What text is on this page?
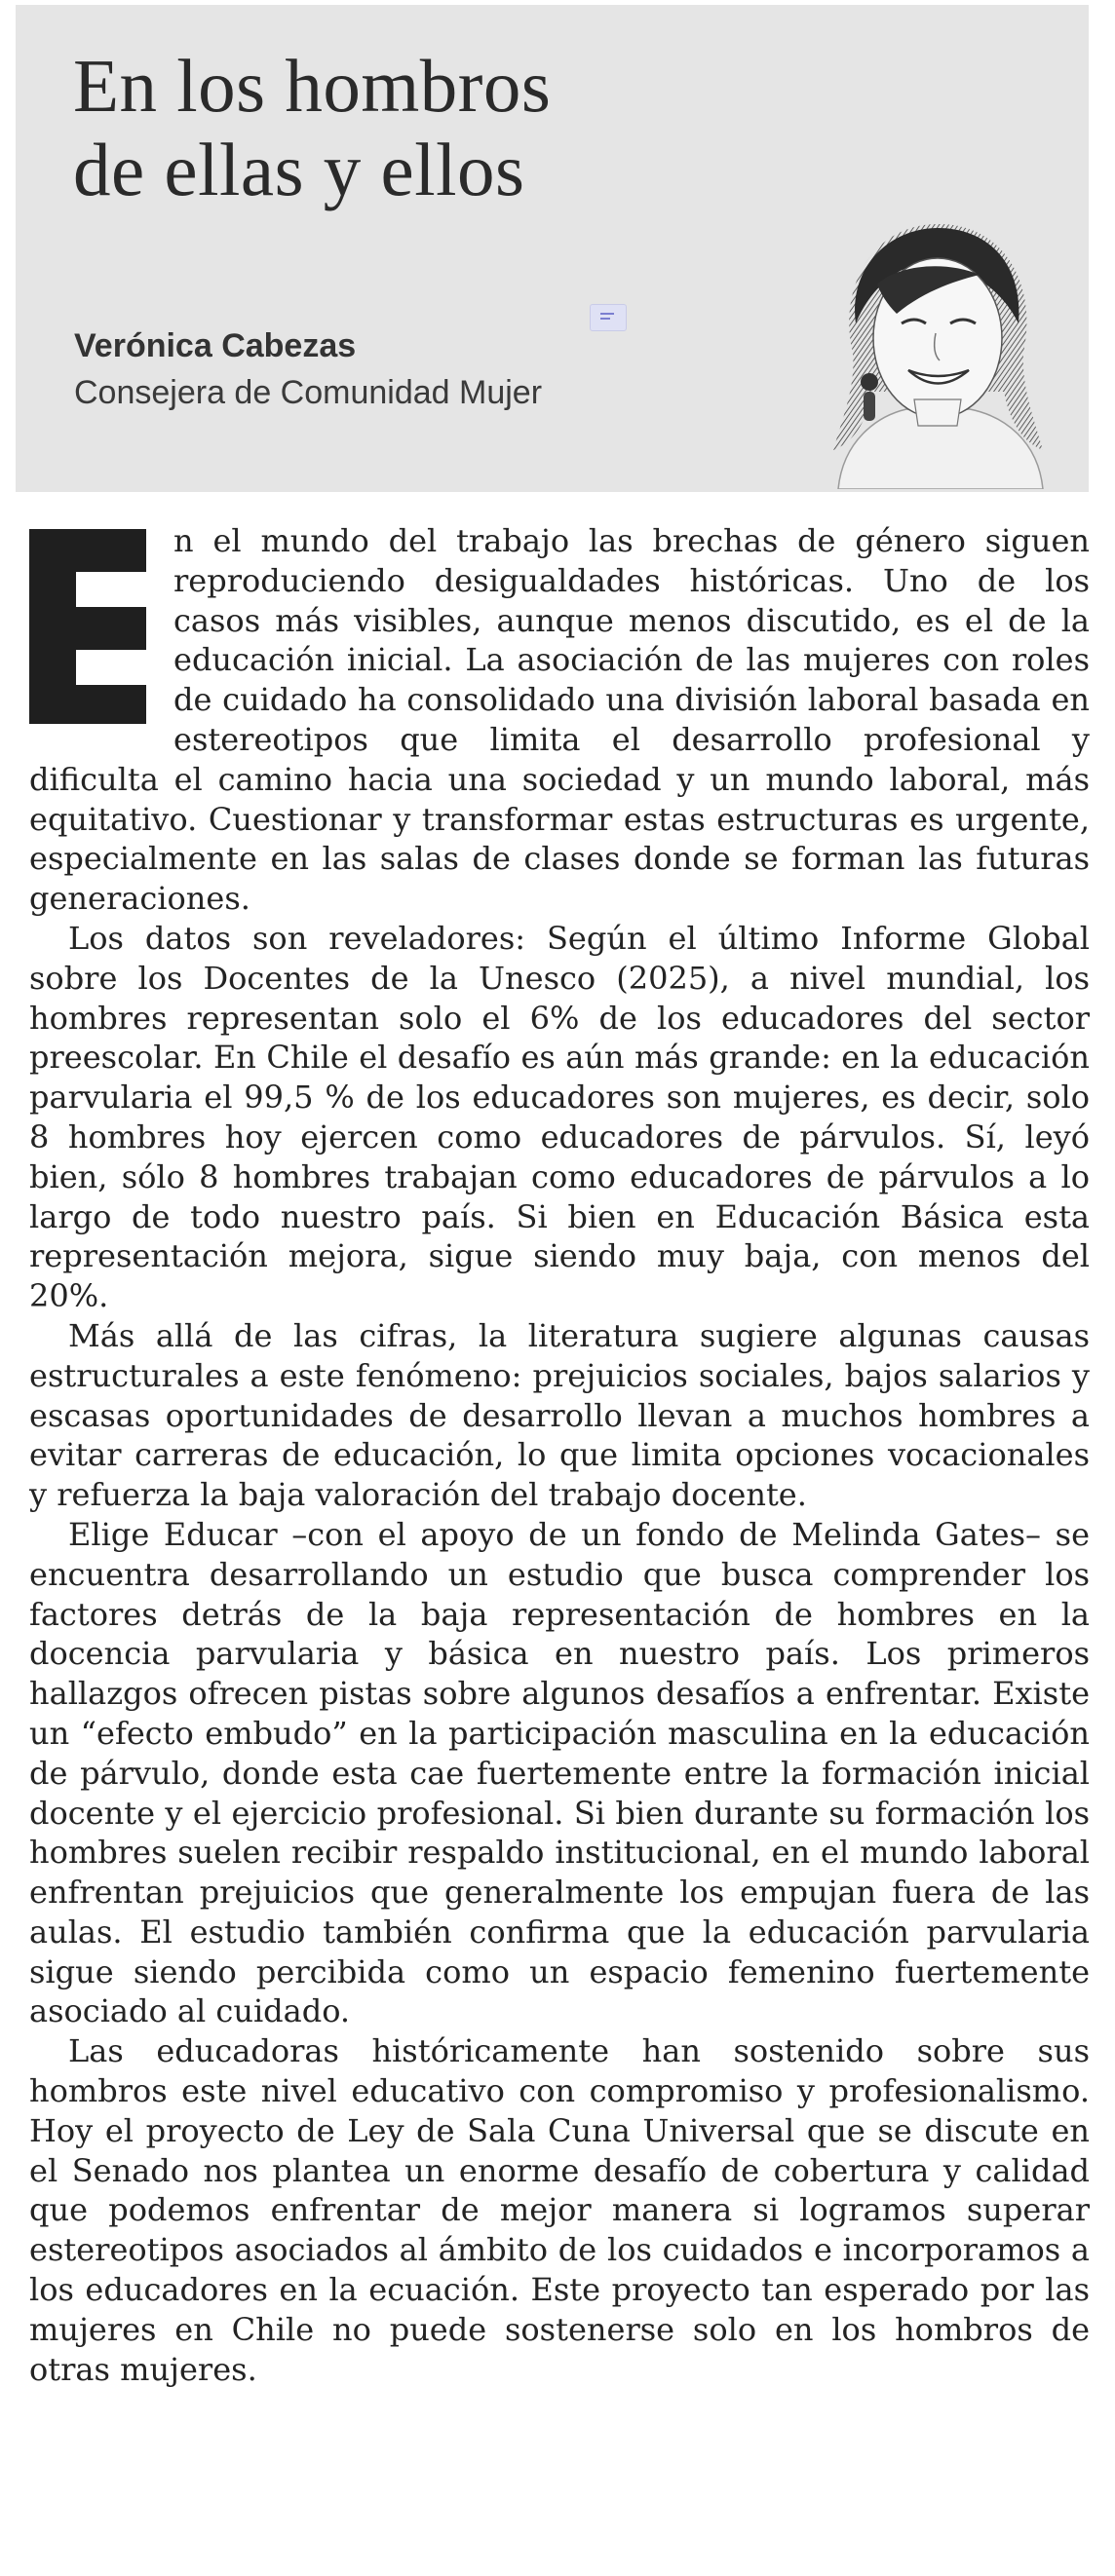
En los hombros
de ellas y ellos
Verónica Cabezas
Consejera de Comunidad Mujer

n el mundo del trabajo las brechas de género siguen reproduciendo desigualdades históricas. Uno de los casos más visibles, aunque menos discutido, es el de la educación inicial. La asociación de las mujeres con roles de cuidado ha consolidado una división laboral basada en estereotipos que limita el desarrollo profesional y dificulta el camino hacia una sociedad y un mundo laboral, más equitativo. Cuestionar y transformar estas estructuras es urgente, especialmente en las salas de clases donde se forman las futuras generaciones.

Los datos son reveladores: Según el último Informe Global sobre los Docentes de la Unesco (2025), a nivel mundial, los hombres representan solo el 6% de los educadores del sector preescolar. En Chile el desafío es aún más grande: en la educación parvularia el 99,5 % de los educadores son mujeres, es decir, solo 8 hombres hoy ejercen como educadores de párvulos. Sí, leyó bien, sólo 8 hombres trabajan como educadores de párvulos a lo largo de todo nuestro país. Si bien en Educación Básica esta representación mejora, sigue siendo muy baja, con menos del 20%.

Más allá de las cifras, la literatura sugiere algunas causas estructurales a este fenómeno: prejuicios sociales, bajos salarios y escasas oportunidades de desarrollo llevan a muchos hombres a evitar carreras de educación, lo que limita opciones vocacionales y refuerza la baja valoración del trabajo docente.

Elige Educar –con el apoyo de un fondo de Melinda Gates– se encuentra desarrollando un estudio que busca comprender los factores detrás de la baja representación de hombres en la docencia parvularia y básica en nuestro país. Los primeros hallazgos ofrecen pistas sobre algunos desafíos a enfrentar. Existe un “efecto embudo” en la participación masculina en la educación de párvulo, donde esta cae fuertemente entre la formación inicial docente y el ejercicio profesional. Si bien durante su formación los hombres suelen recibir respaldo institucional, en el mundo laboral enfrentan prejuicios que generalmente los empujan fuera de las aulas. El estudio también confirma que la educación parvularia sigue siendo percibida como un espacio femenino fuertemente asociado al cuidado.

Las educadoras históricamente han sostenido sobre sus hombros este nivel educativo con compromiso y profesionalismo. Hoy el proyecto de Ley de Sala Cuna Universal que se discute en el Senado nos plantea un enorme desafío de cobertura y calidad que podemos enfrentar de mejor manera si logramos superar estereotipos asociados al ámbito de los cuidados e incorporamos a los educadores en la ecuación. Este proyecto tan esperado por las mujeres en Chile no puede sostenerse solo en los hombros de otras mujeres.
